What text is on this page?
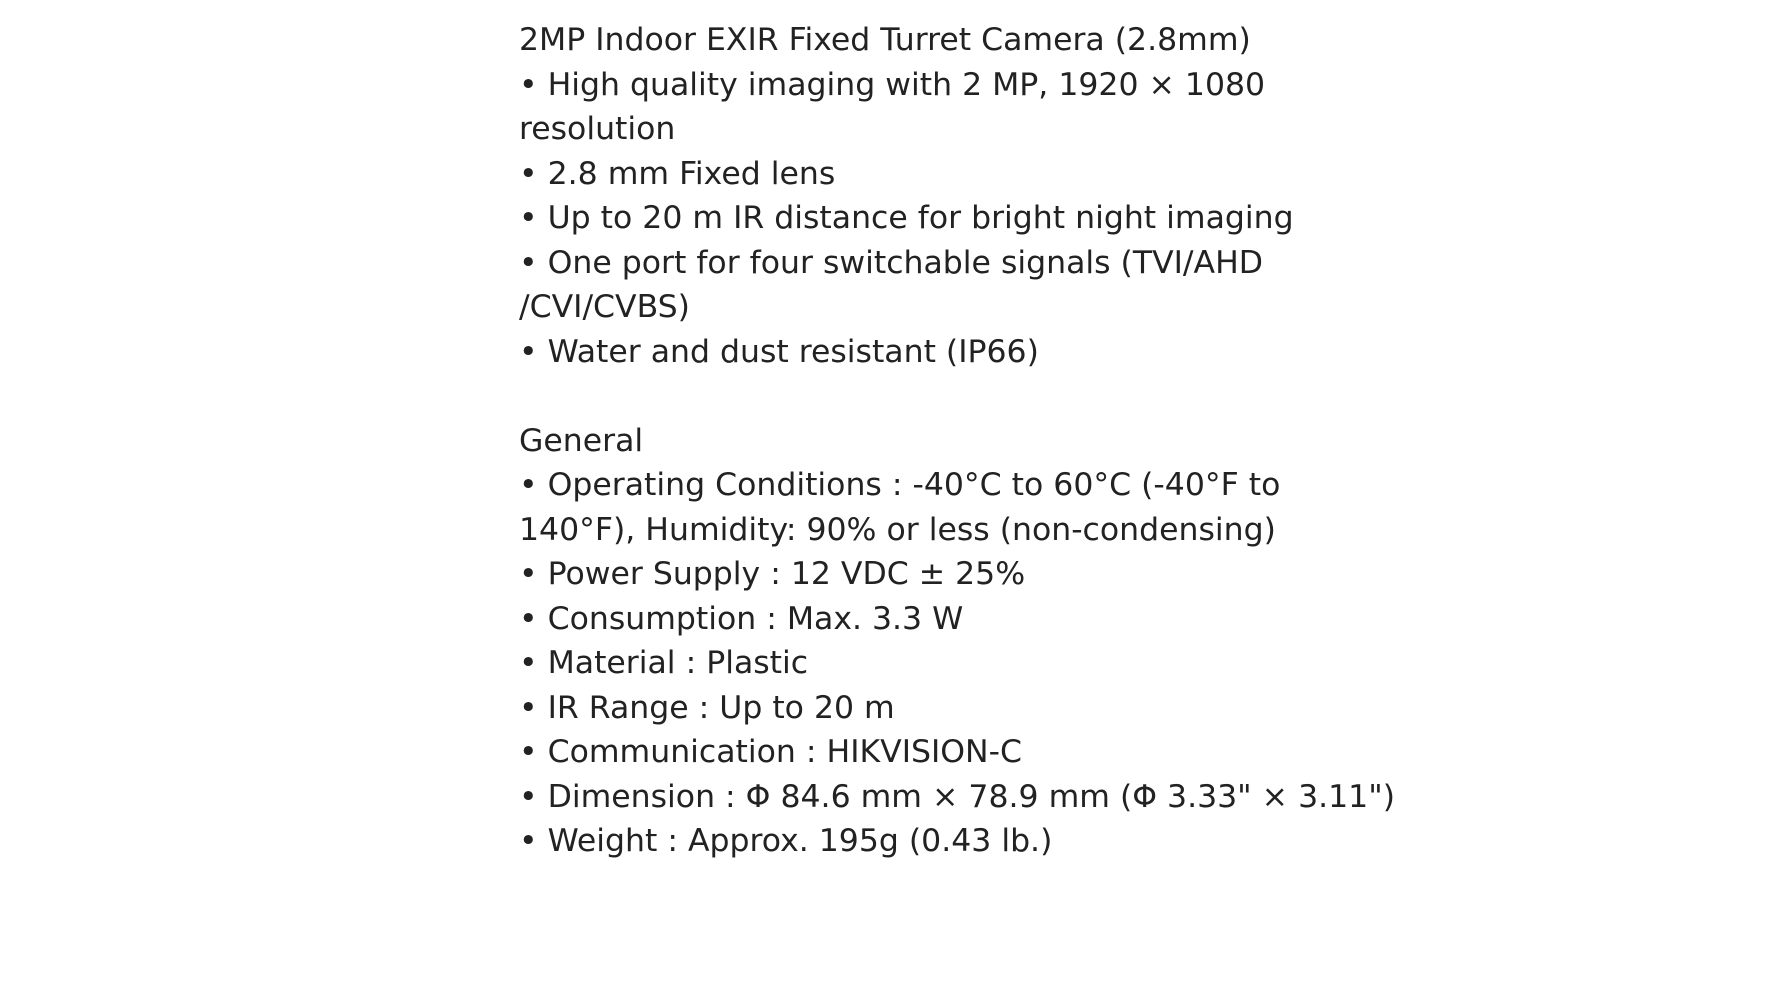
2MP Indoor EXIR Fixed Turret Camera (2.8mm)
• High quality imaging with 2 MP, 1920 × 1080
resolution
• 2.8 mm Fixed lens
• Up to 20 m IR distance for bright night imaging
• One port for four switchable signals (TVI/AHD
/CVI/CVBS)
• Water and dust resistant (IP66)
General
• Operating Conditions : -40°C to 60°C (-40°F to
140°F), Humidity: 90% or less (non-condensing)
• Power Supply : 12 VDC ± 25%
• Consumption : Max. 3.3 W
• Material : Plastic
• IR Range : Up to 20 m
• Communication : HIKVISION-C
• Dimension : Φ 84.6 mm × 78.9 mm (Φ 3.33" × 3.11")
• Weight : Approx. 195g (0.43 lb.)
